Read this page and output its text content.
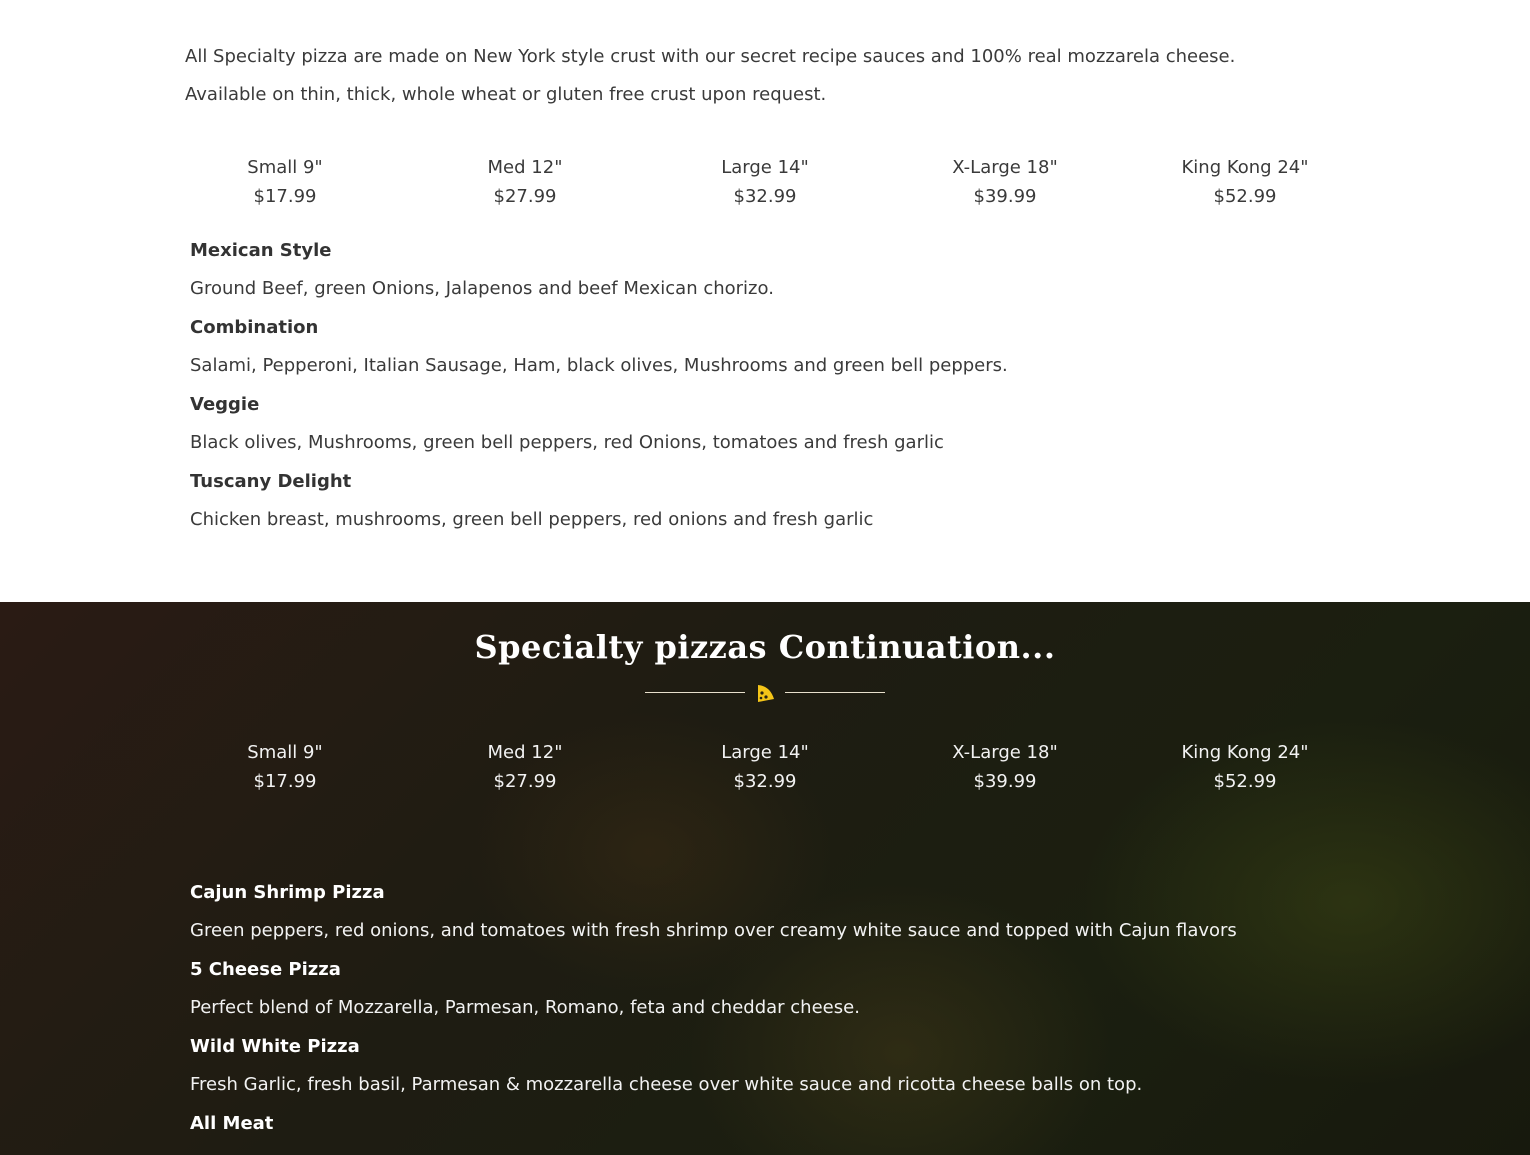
All Specialty pizza are made on New York style crust with our secret recipe sauces and 100% real mozzarela cheese.

Available on thin, thick, whole wheat or gluten free crust upon request.

Small 9"
$17.99
Med 12"
$27.99
Large 14"
$32.99
X-Large 18"
$39.99
King Kong 24"
$52.99
Mexican Style
Ground Beef, green Onions, Jalapenos and beef Mexican chorizo.
Combination
Salami, Pepperoni, Italian Sausage, Ham, black olives, Mushrooms and green bell peppers.
Veggie
Black olives, Mushrooms, green bell peppers, red Onions, tomatoes and fresh garlic
Tuscany Delight
Chicken breast, mushrooms, green bell peppers, red onions and fresh garlic
Specialty pizzas Continuation...
Small 9"
$17.99
Med 12"
$27.99
Large 14"
$32.99
X-Large 18"
$39.99
King Kong 24"
$52.99
Cajun Shrimp Pizza
Green peppers, red onions, and tomatoes with fresh shrimp over creamy white sauce and topped with Cajun flavors
5 Cheese Pizza
Perfect blend of Mozzarella, Parmesan, Romano, feta and cheddar cheese.
Wild White Pizza
Fresh Garlic, fresh basil, Parmesan & mozzarella cheese over white sauce and ricotta cheese balls on top.
All Meat
